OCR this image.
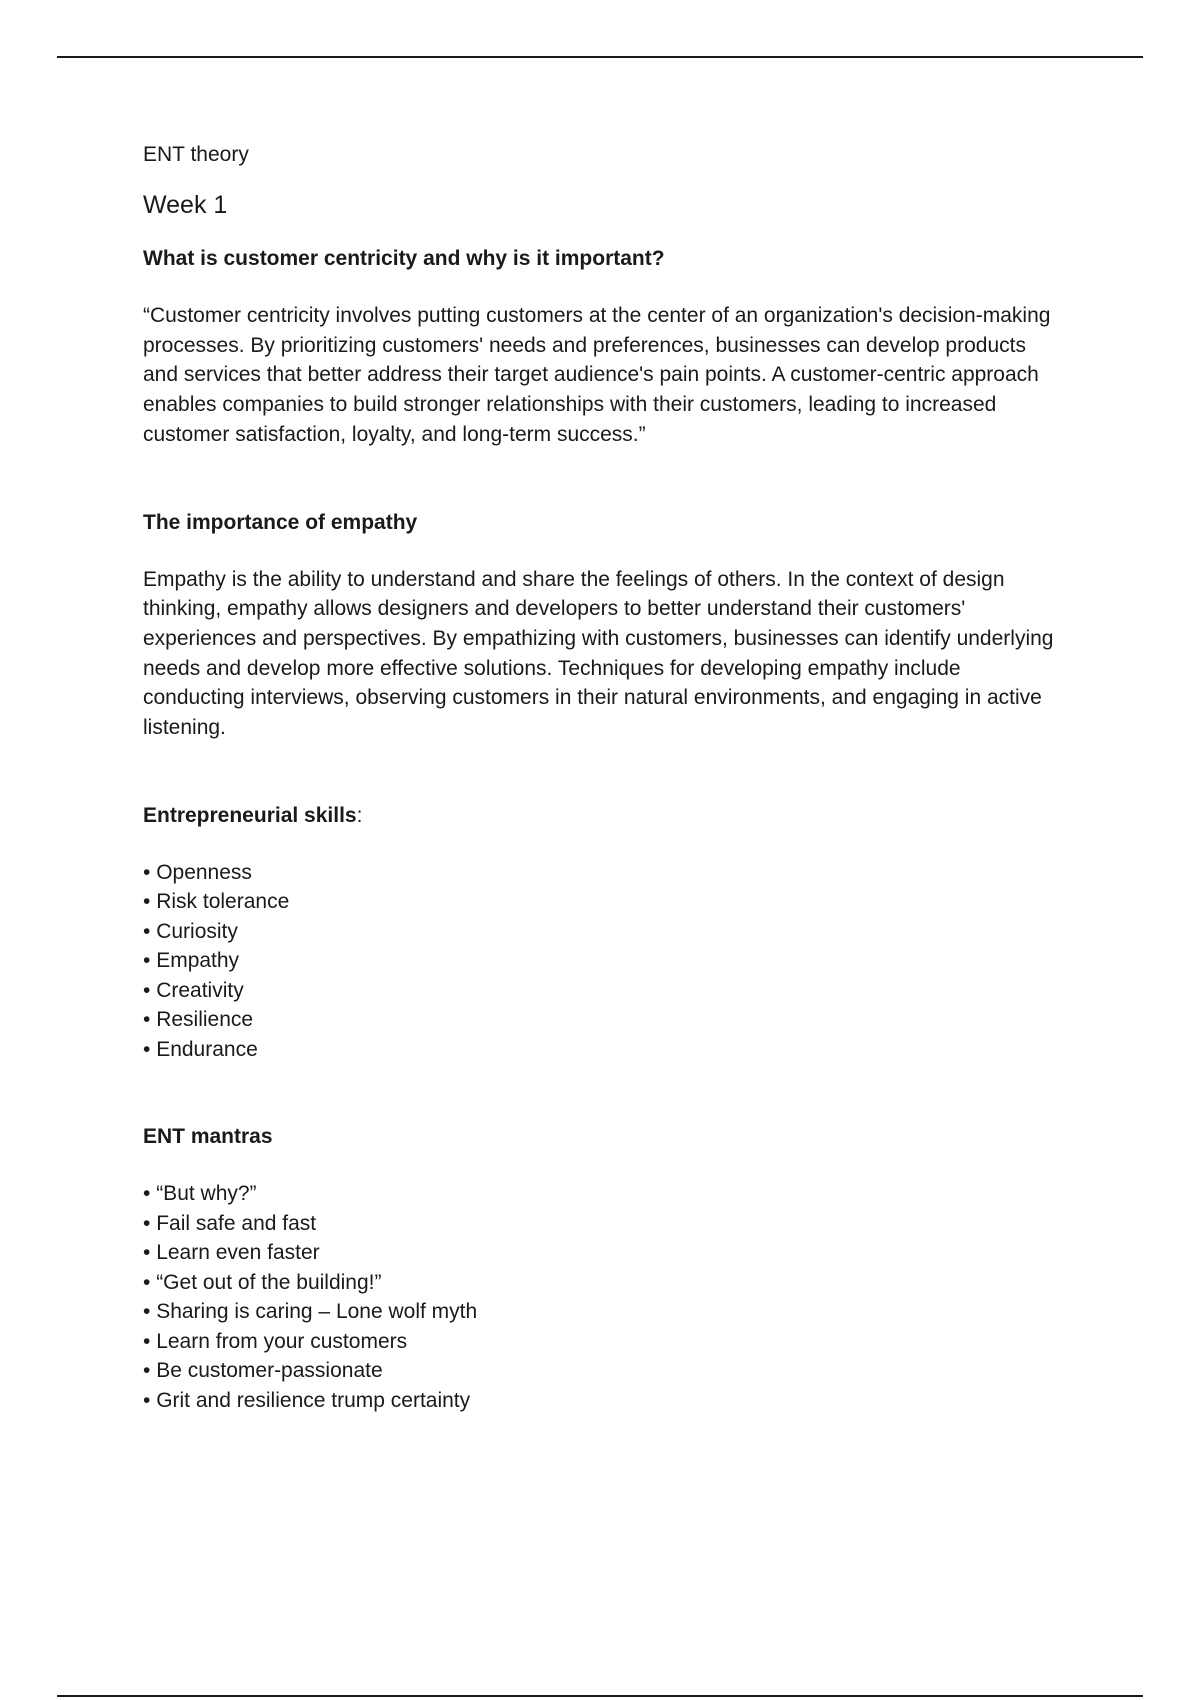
ENT theory
Week 1
What is customer centricity and why is it important?

“Customer centricity involves putting customers at the center of an organization's decision-making processes. By prioritizing customers' needs and preferences, businesses can develop products and services that better address their target audience's pain points. A customer-centric approach enables companies to build stronger relationships with their customers, leading to increased customer satisfaction, loyalty, and long-term success.”

The importance of empathy

Empathy is the ability to understand and share the feelings of others. In the context of design thinking, empathy allows designers and developers to better understand their customers' experiences and perspectives. By empathizing with customers, businesses can identify underlying needs and develop more effective solutions. Techniques for developing empathy include conducting interviews, observing customers in their natural environments, and engaging in active listening.

Entrepreneurial skills:
• Openness
• Risk tolerance
• Curiosity
• Empathy
• Creativity
• Resilience
• Endurance
ENT mantras
• “But why?”
• Fail safe and fast
• Learn even faster
• “Get out of the building!”
• Sharing is caring – Lone wolf myth
• Learn from your customers
• Be customer-passionate
• Grit and resilience trump certainty
